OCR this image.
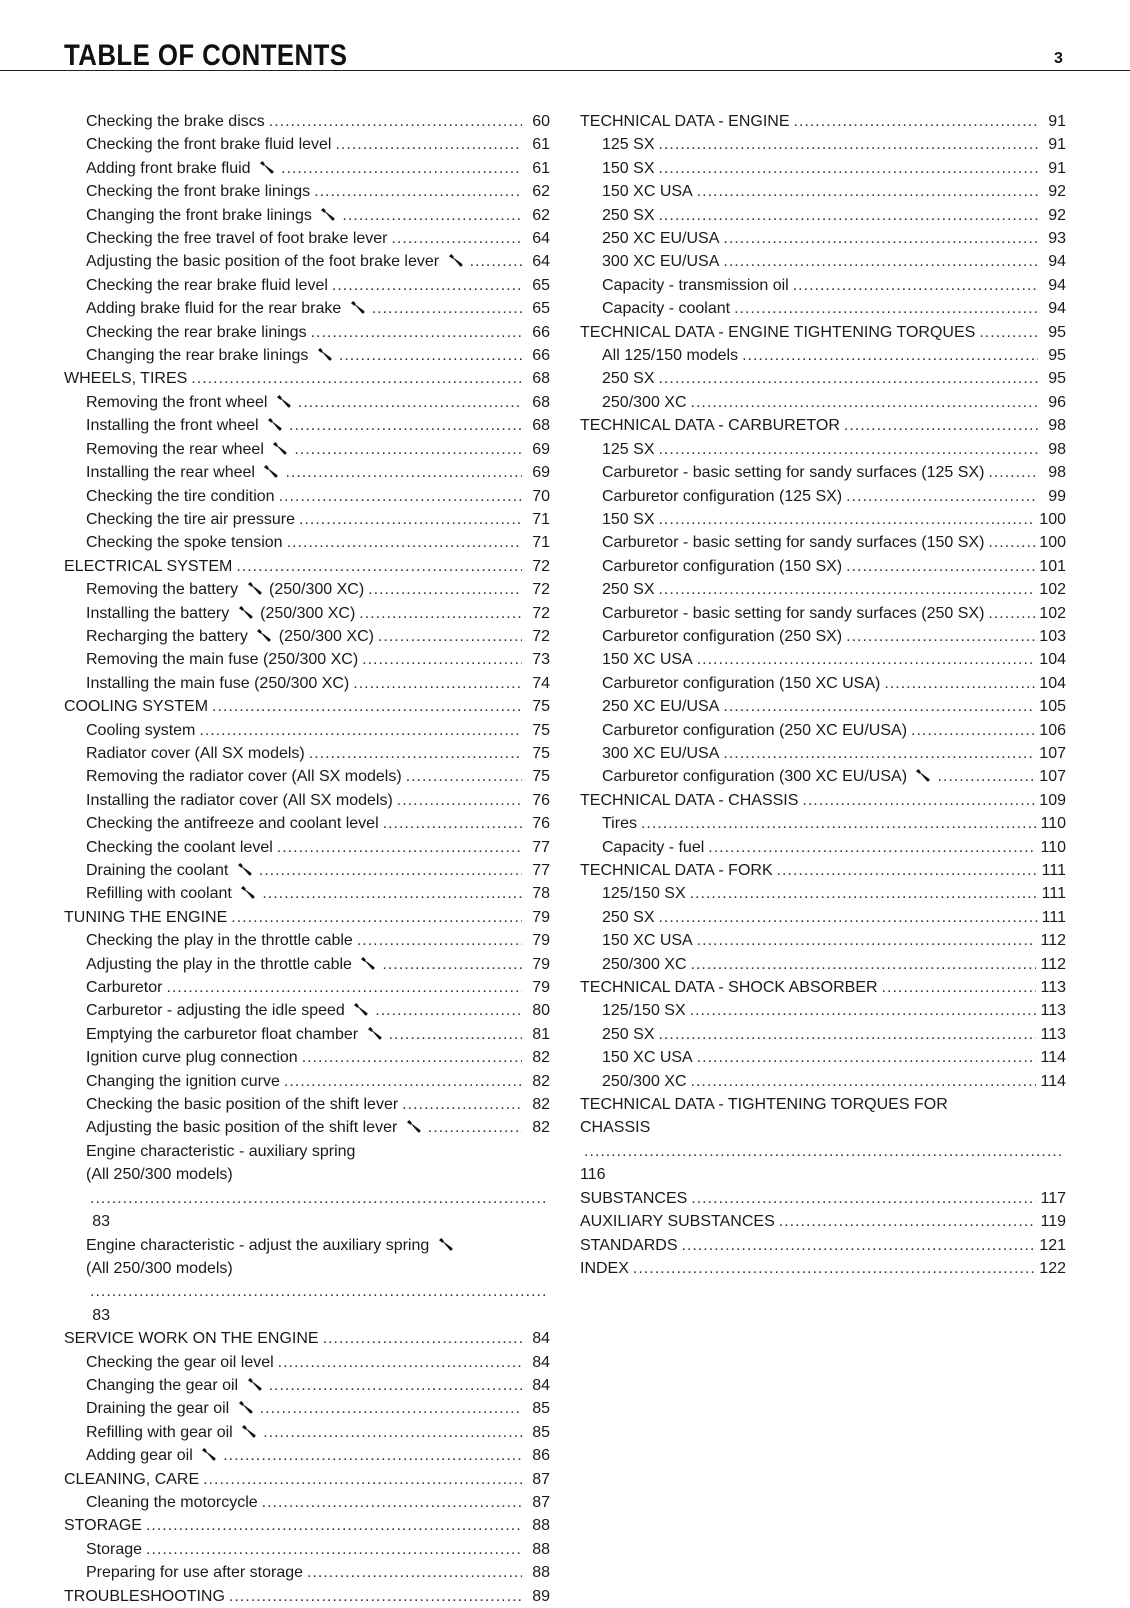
TABLE OF CONTENTS	3
Checking the brake discs .....	60
Checking the front brake fluid level .....	61
Adding front brake fluid .....	61
Checking the front brake linings .....	62
Changing the front brake linings .....	62
Checking the free travel of foot brake lever .....	64
Adjusting the basic position of the foot brake lever .....	64
Checking the rear brake fluid level .....	65
Adding brake fluid for the rear brake .....	65
Checking the rear brake linings .....	66
Changing the rear brake linings .....	66
WHEELS, TIRES .....	68
Removing the front wheel .....	68
Installing the front wheel .....	68
Removing the rear wheel .....	69
Installing the rear wheel .....	69
Checking the tire condition .....	70
Checking the tire air pressure .....	71
Checking the spoke tension .....	71
ELECTRICAL SYSTEM .....	72
Removing the battery (250/300 XC) .....	72
Installing the battery (250/300 XC) .....	72
Recharging the battery (250/300 XC) .....	72
Removing the main fuse (250/300 XC) .....	73
Installing the main fuse (250/300 XC) .....	74
COOLING SYSTEM .....	75
Cooling system .....	75
Radiator cover (All SX models) .....	75
Removing the radiator cover (All SX models) .....	75
Installing the radiator cover (All SX models) .....	76
Checking the antifreeze and coolant level .....	76
Checking the coolant level .....	77
Draining the coolant .....	77
Refilling with coolant .....	78
TUNING THE ENGINE .....	79
Checking the play in the throttle cable .....	79
Adjusting the play in the throttle cable .....	79
Carburetor .....	79
Carburetor - adjusting the idle speed .....	80
Emptying the carburetor float chamber .....	81
Ignition curve plug connection .....	82
Changing the ignition curve .....	82
Checking the basic position of the shift lever .....	82
Adjusting the basic position of the shift lever .....	82
Engine characteristic - auxiliary spring
(All 250/300 models)
.....
83
Engine characteristic - adjust the auxiliary spring
(All 250/300 models)
.....
83
SERVICE WORK ON THE ENGINE .....	84
Checking the gear oil level .....	84
Changing the gear oil .....	84
Draining the gear oil .....	85
Refilling with gear oil .....	85
Adding gear oil .....	86
CLEANING, CARE .....	87
Cleaning the motorcycle .....	87
STORAGE .....	88
Storage .....	88
Preparing for use after storage .....	88
TROUBLESHOOTING .....	89
TECHNICAL DATA - ENGINE .....	91
125 SX .....	91
150 SX .....	91
150 XC USA .....	92
250 SX .....	92
250 XC EU/USA .....	93
300 XC EU/USA .....	94
Capacity - transmission oil .....	94
Capacity - coolant .....	94
TECHNICAL DATA - ENGINE TIGHTENING TORQUES .....	95
All 125/150 models .....	95
250 SX .....	95
250/300 XC .....	96
TECHNICAL DATA - CARBURETOR .....	98
125 SX .....	98
Carburetor - basic setting for sandy surfaces (125 SX) .....	98
Carburetor configuration (125 SX) .....	99
150 SX .....	100
Carburetor - basic setting for sandy surfaces (150 SX) .....	100
Carburetor configuration (150 SX) .....	101
250 SX .....	102
Carburetor - basic setting for sandy surfaces (250 SX) .....	102
Carburetor configuration (250 SX) .....	103
150 XC USA .....	104
Carburetor configuration (150 XC USA) .....	104
250 XC EU/USA .....	105
Carburetor configuration (250 XC EU/USA) .....	106
300 XC EU/USA .....	107
Carburetor configuration (300 XC EU/USA) .....	107
TECHNICAL DATA - CHASSIS .....	109
Tires .....	110
Capacity - fuel .....	110
TECHNICAL DATA - FORK .....	111
125/150 SX .....	111
250 SX .....	111
150 XC USA .....	112
250/300 XC .....	112
TECHNICAL DATA - SHOCK ABSORBER .....	113
125/150 SX .....	113
250 SX .....	113
150 XC USA .....	114
250/300 XC .....	114
TECHNICAL DATA - TIGHTENING TORQUES FOR
CHASSIS
.....
116
SUBSTANCES .....	117
AUXILIARY SUBSTANCES .....	119
STANDARDS .....	121
INDEX .....	122
